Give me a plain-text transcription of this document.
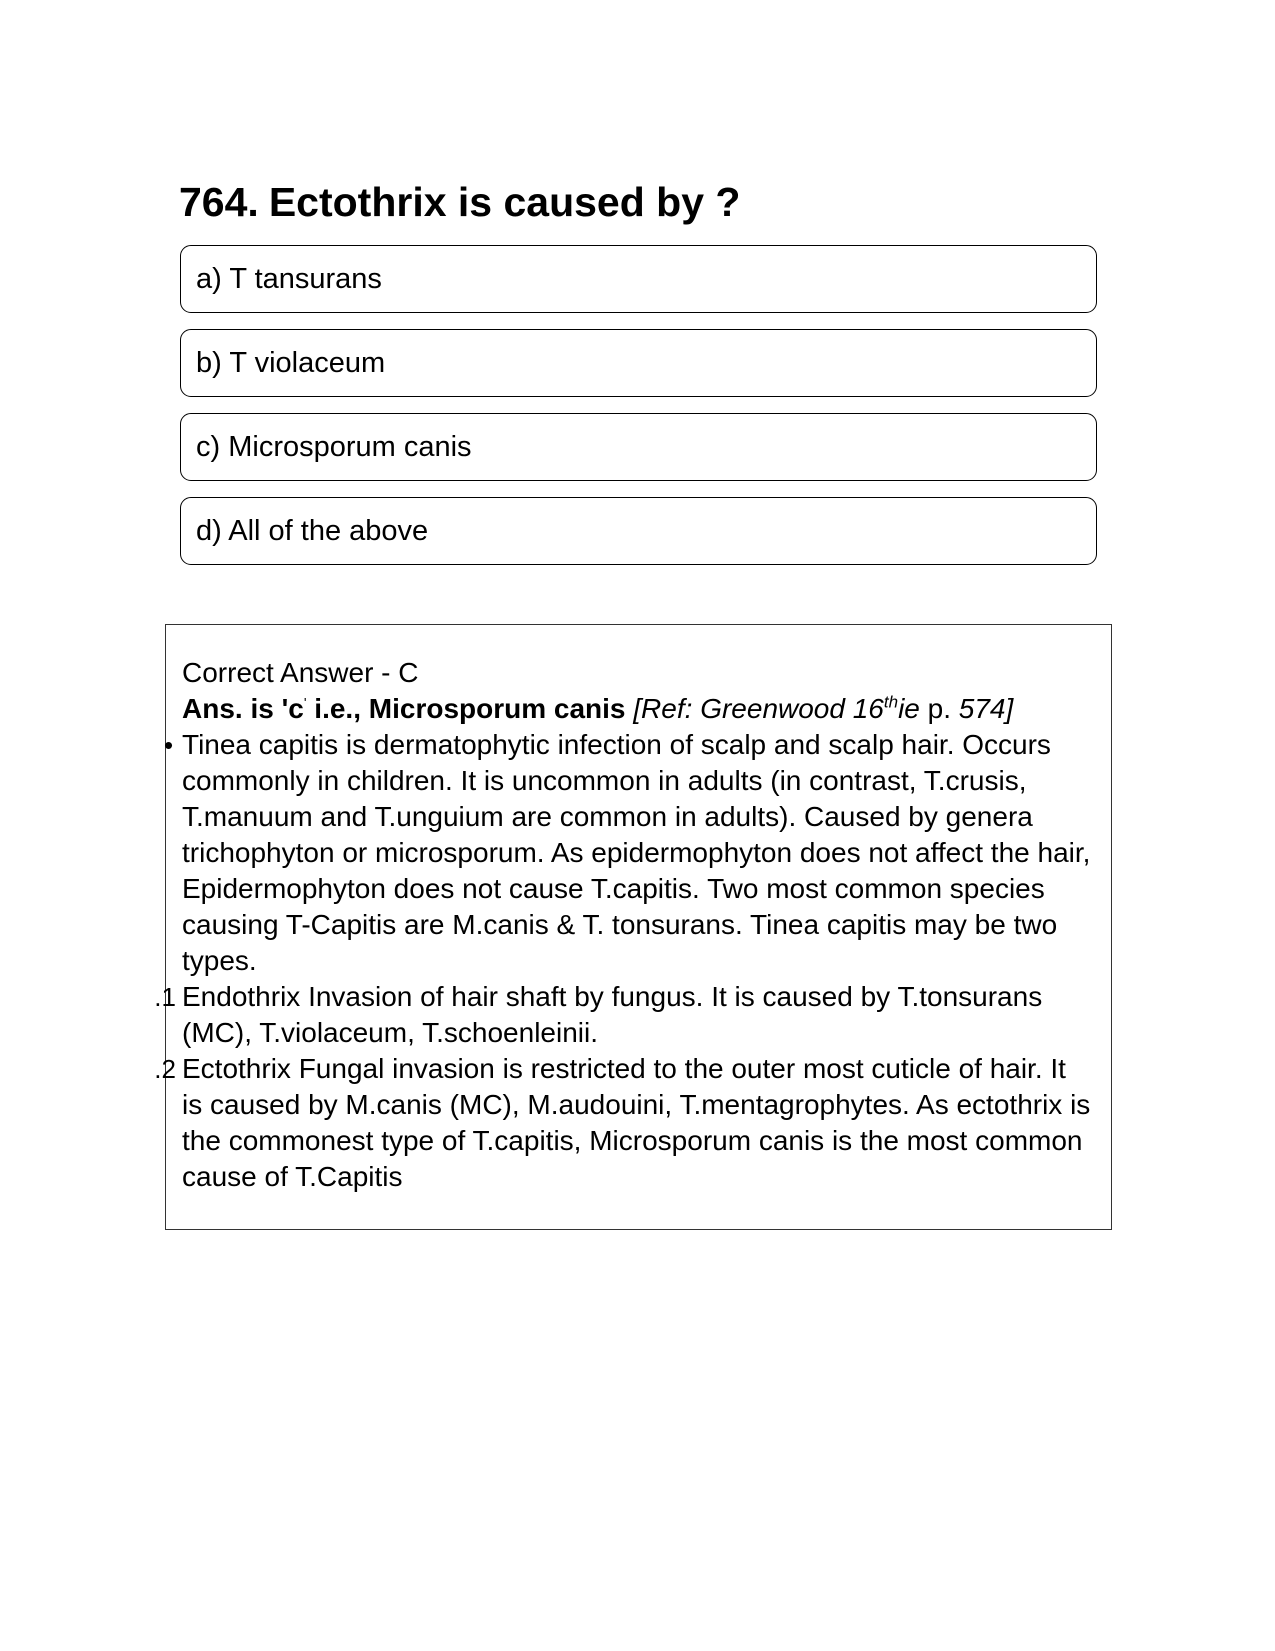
764. Ectothrix is caused by ?
a) T tansurans
b) T violaceum
c) Microsporum canis
d) All of the above

Correct Answer - C

Ans. is 'c' i.e., Microsporum canis [Ref: Greenwood 16thie p. 574]

• Tinea capitis is dermatophytic infection of scalp and scalp hair. Occurs commonly in children. It is uncommon in adults (in contrast, T.crusis, T.manuum and T.unguium are common in adults). Caused by genera trichophyton or microsporum. As epidermophyton does not affect the hair, Epidermophyton does not cause T.capitis. Two most common species causing T-Capitis are M.canis & T. tonsurans. Tinea capitis may be two types.

1. Endothrix Invasion of hair shaft by fungus. It is caused by T.tonsurans (MC), T.violaceum, T.schoenleinii.

2. Ectothrix Fungal invasion is restricted to the outer most cuticle of hair. It is caused by M.canis (MC), M.audouini, T.mentagrophytes. As ectothrix is the commonest type of T.capitis, Microsporum canis is the most common cause of T.Capitis
